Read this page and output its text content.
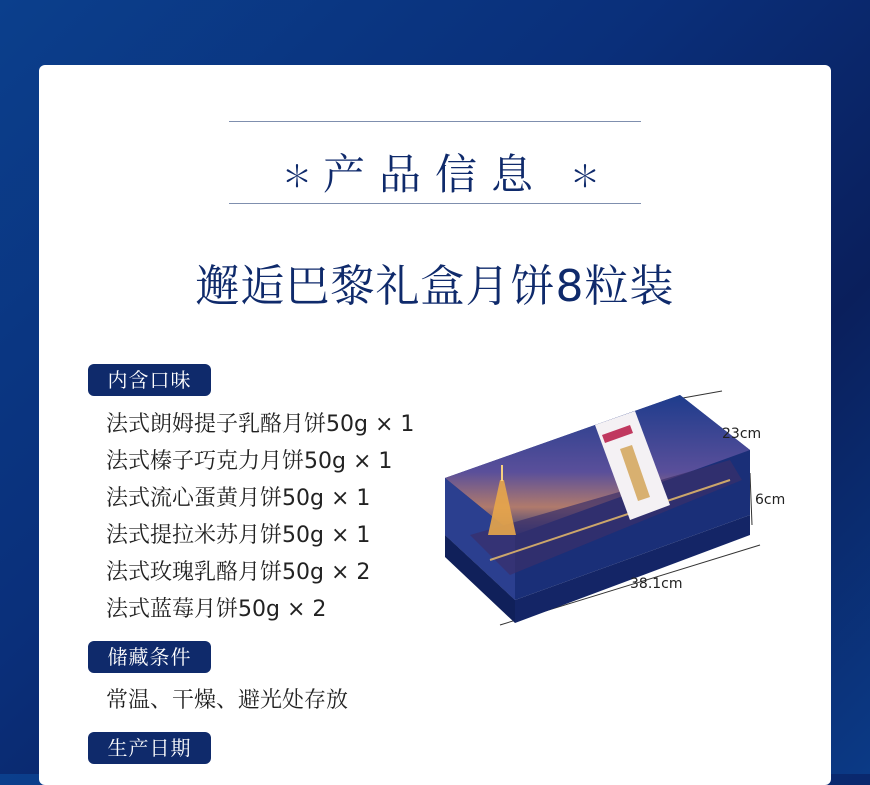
＊ 产品信息 ＊
邂逅巴黎礼盒月饼8粒装
内含口味
法式朗姆提子乳酪月饼50g × 1
法式榛子巧克力月饼50g × 1
法式流心蛋黄月饼50g × 1
法式提拉米苏月饼50g × 1
法式玫瑰乳酪月饼50g × 2
法式蓝莓月饼50g × 2
23cm
6cm
38.1cm
储藏条件
常温、干燥、避光处存放
生产日期
